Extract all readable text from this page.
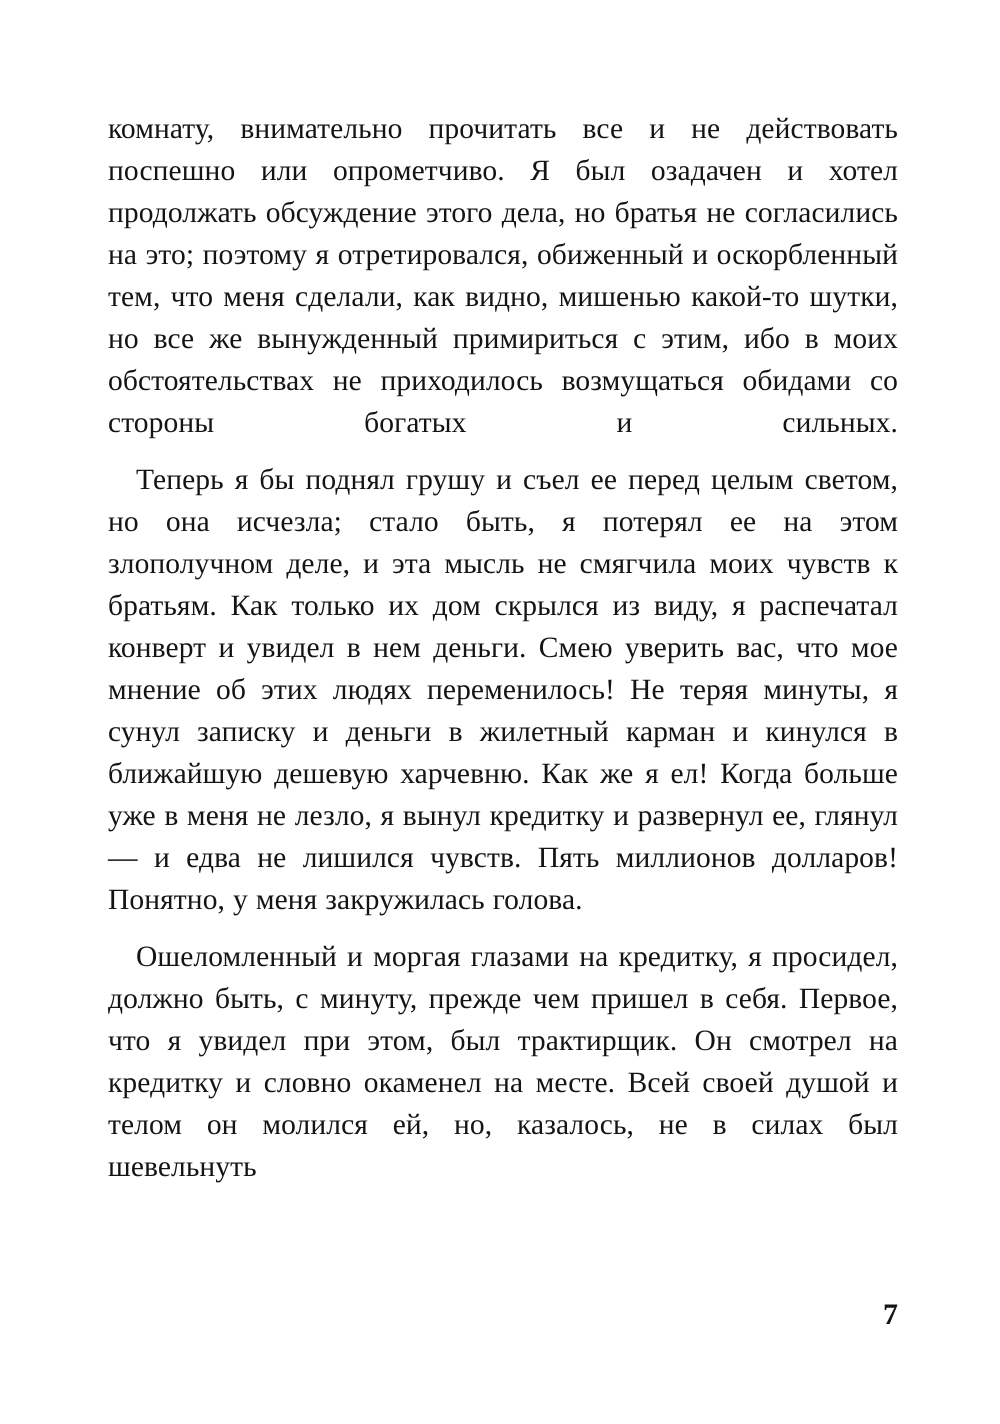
комнату, внимательно прочитать все и не действовать поспешно или опрометчиво. Я был озадачен и хотел продолжать обсуждение этого дела, но братья не согласились на это; поэтому я отретировался, обиженный и оскорбленный тем, что меня сделали, как видно, мишенью какой-то шутки, но все же вынужденный примириться с этим, ибо в моих обстоятельствах не приходилось возмущаться обидами со стороны богатых и сильных.

Теперь я бы поднял грушу и съел ее перед целым светом, но она исчезла; стало быть, я потерял ее на этом злополучном деле, и эта мысль не смягчила моих чувств к братьям. Как только их дом скрылся из виду, я распечатал конверт и увидел в нем деньги. Смею уверить вас, что мое мнение об этих людях переменилось! Не теряя минуты, я сунул записку и деньги в жилетный карман и кинулся в ближайшую дешевую харчевню. Как же я ел! Когда больше уже в меня не лезло, я вынул кредитку и развернул ее, глянул — и едва не лишился чувств. Пять миллионов долларов! Понятно, у меня закружилась голова.

Ошеломленный и моргая глазами на кредитку, я просидел, должно быть, с минуту, прежде чем пришел в себя. Первое, что я увидел при этом, был трактирщик. Он смотрел на кредитку и словно окаменел на месте. Всей своей душой и телом он молился ей, но, казалось, не в силах был шевельнуть

7
